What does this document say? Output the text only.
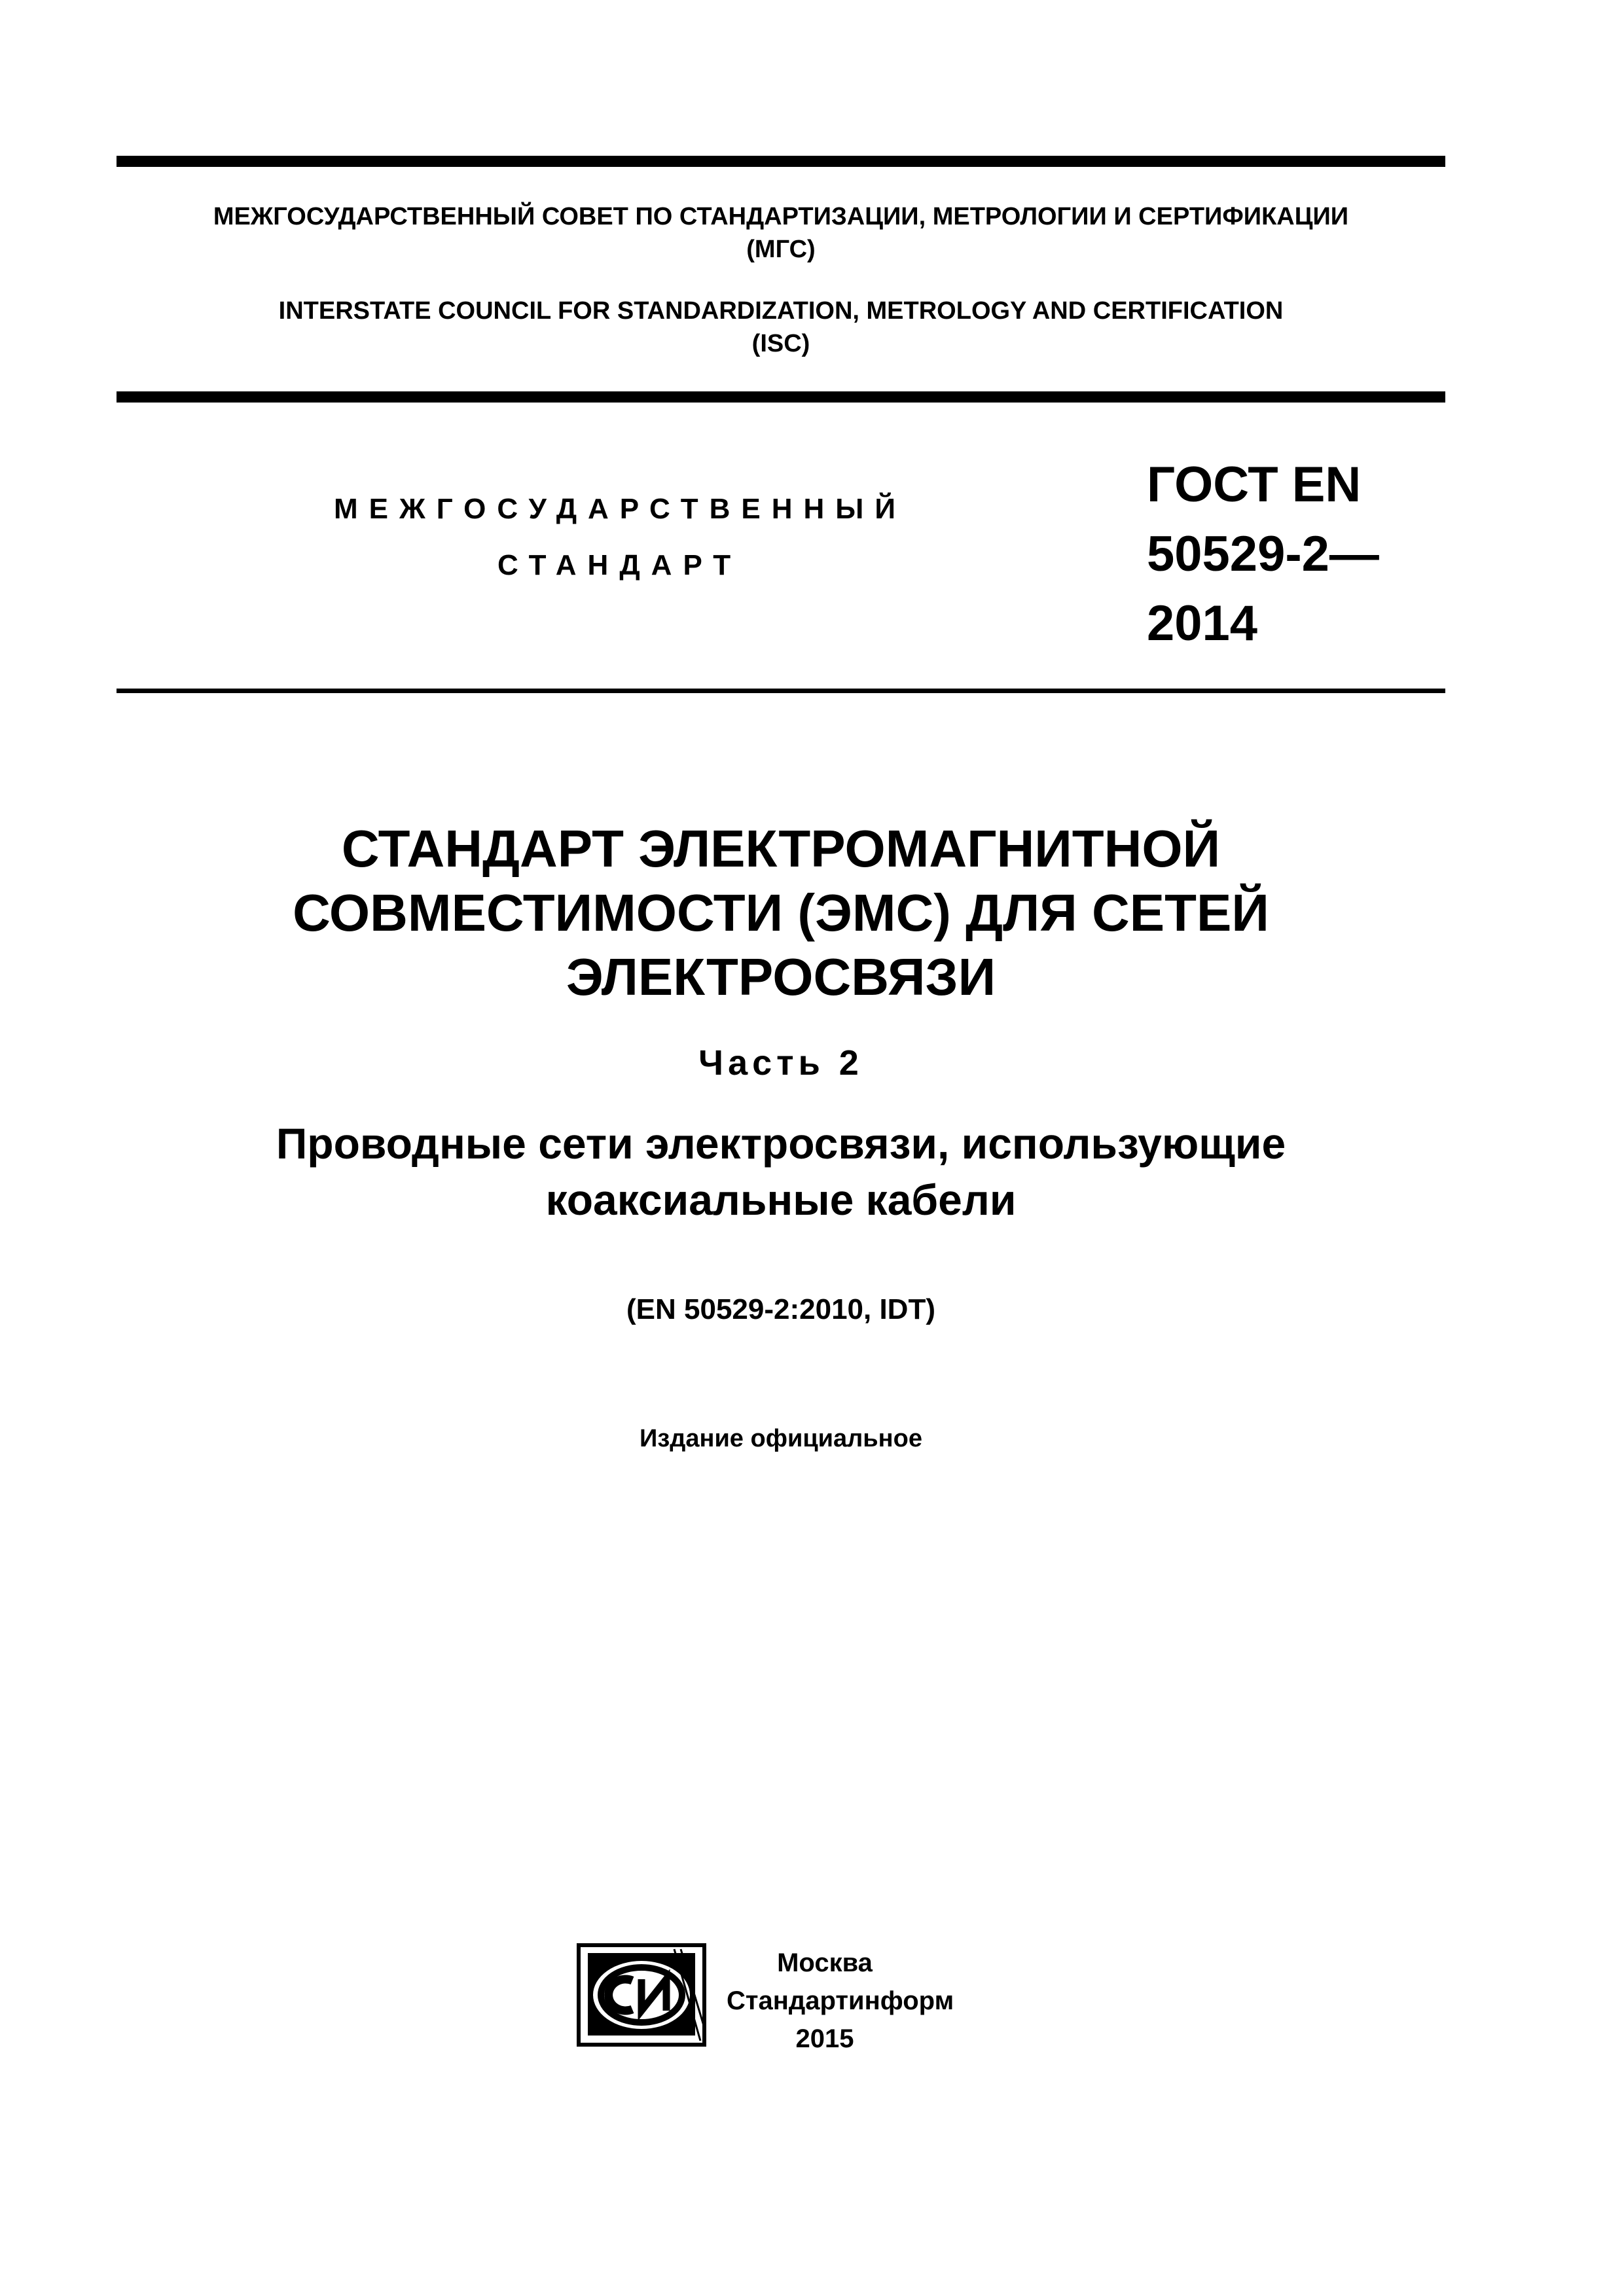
МЕЖГОСУДАРСТВЕННЫЙ СОВЕТ ПО СТАНДАРТИЗАЦИИ, МЕТРОЛОГИИ И СЕРТИФИКАЦИИ
(МГС)
INTERSTATE COUNCIL FOR STANDARDIZATION, METROLOGY AND CERTIFICATION
(ISC)
МЕЖГОСУДАРСТВЕННЫЙ
СТАНДАРТ
ГОСТ EN
50529-2—
2014
СТАНДАРТ ЭЛЕКТРОМАГНИТНОЙ
СОВМЕСТИМОСТИ (ЭМС) ДЛЯ СЕТЕЙ
ЭЛЕКТРОСВЯЗИ
Часть 2
Проводные сети электросвязи, использующие
коаксиальные кабели
(EN 50529-2:2010, IDT)
Издание официальное
Москва
Стандартинформ
2015
